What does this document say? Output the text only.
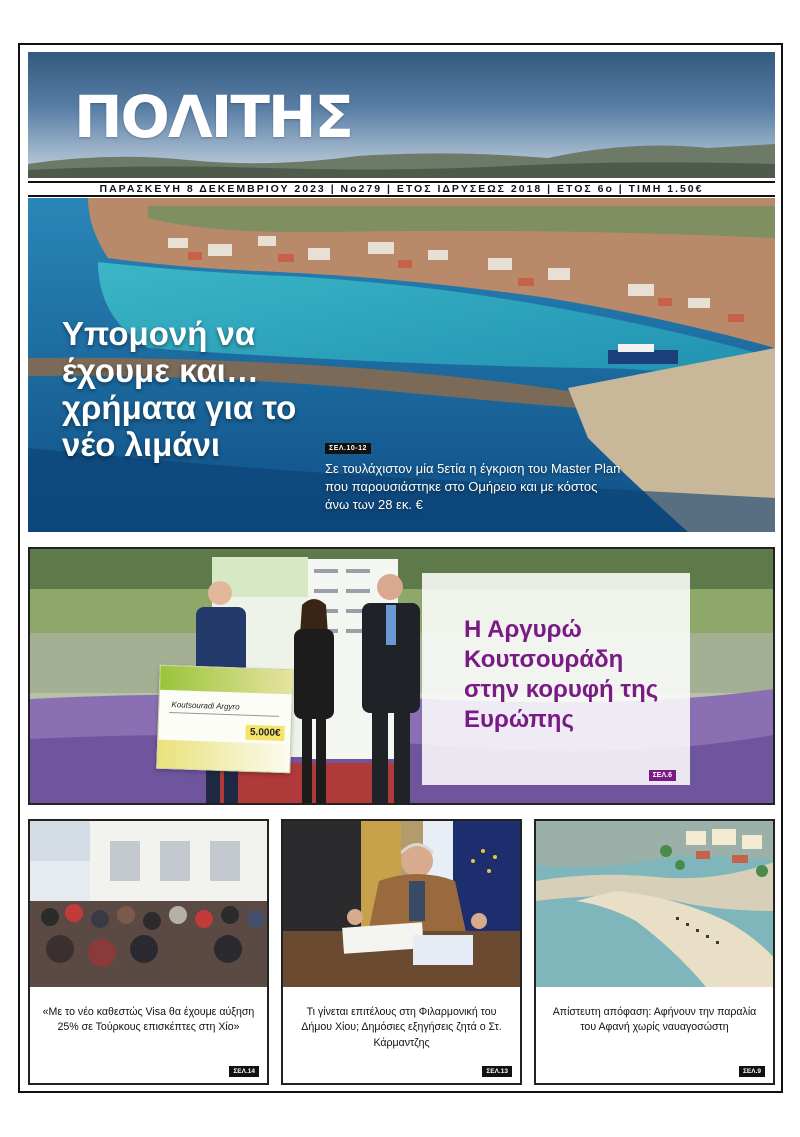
ΠΟΛΙΤΗΣ
ΠΑΡΑΣΚΕΥΗ 8 ΔΕΚΕΜΒΡΙΟΥ 2023 | Νο279 | ΕΤΟΣ ΙΔΡΥΣΕΩΣ 2018 | ΕΤΟΣ 6ο | ΤΙΜΗ 1.50€
Υπομονή να έχουμε και… χρήματα για το νέο λιμάνι	ΣΕΛ.10-12
Σε τουλάχιστον μία 5ετία η έγκριση του Master Plan που παρουσιάστηκε στο Ομήρειο και με κόστος άνω των 28 εκ. €
Koutsouradi Argyro
5.000€
Η Αργυρώ Κουτσουράδη στην κορυφή της Ευρώπης
ΣΕΛ.6
«Με το νέο καθεστώς Visa θα έχουμε αύξηση 25% σε Τούρκους επισκέπτες στη Χίο»
ΣΕΛ.14
Τι γίνεται επιτέλους στη Φιλαρμονική του Δήμου Χίου; Δημόσιες εξηγήσεις ζητά ο Στ. Κάρμαντζης
ΣΕΛ.13
Απίστευτη απόφαση: Αφήνουν την παραλία του Αφανή χωρίς ναυαγοσώστη
ΣΕΛ.9
